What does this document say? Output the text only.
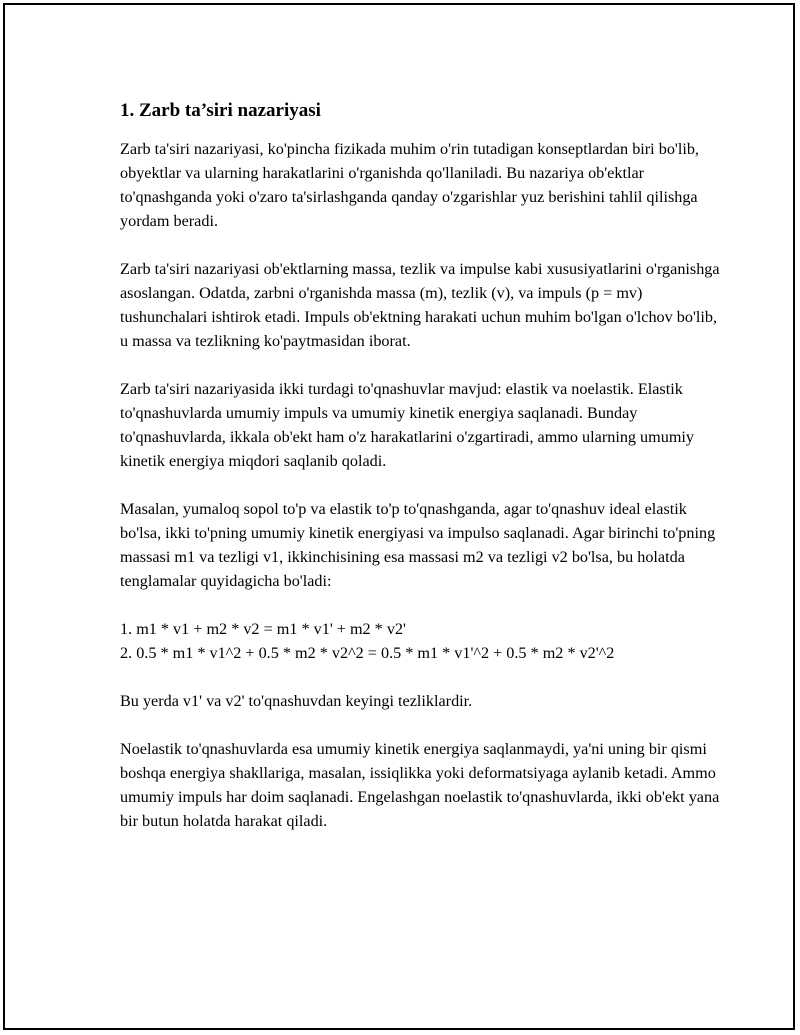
1. Zarb ta’siri nazariyasi

Zarb ta'siri nazariyasi, ko'pincha fizikada muhim o'rin tutadigan konseptlardan biri bo'lib, obyektlar va ularning harakatlarini o'rganishda qo'llaniladi. Bu nazariya ob'ektlar to'qnashganda yoki o'zaro ta'sirlashganda qanday o'zgarishlar yuz berishini tahlil qilishga yordam beradi.

Zarb ta'siri nazariyasi ob'ektlarning massa, tezlik va impulse kabi xususiyatlarini o'rganishga asoslangan. Odatda, zarbni o'rganishda massa (m), tezlik (v), va impuls (p = mv) tushunchalari ishtirok etadi. Impuls ob'ektning harakati uchun muhim bo'lgan o'lchov bo'lib, u massa va tezlikning ko'paytmasidan iborat.

Zarb ta'siri nazariyasida ikki turdagi to'qnashuvlar mavjud: elastik va noelastik. Elastik to'qnashuvlarda umumiy impuls va umumiy kinetik energiya saqlanadi. Bunday to'qnashuvlarda, ikkala ob'ekt ham o'z harakatlarini o'zgartiradi, ammo ularning umumiy kinetik energiya miqdori saqlanib qoladi.

Masalan, yumaloq sopol to'p va elastik to'p to'qnashganda, agar to'qnashuv ideal elastik bo'lsa, ikki to'pning umumiy kinetik energiyasi va impulso saqlanadi. Agar birinchi to'pning massasi m1 va tezligi v1, ikkinchisining esa massasi m2 va tezligi v2 bo'lsa, bu holatda tenglamalar quyidagicha bo'ladi:

1. m1 * v1 + m2 * v2 = m1 * v1' + m2 * v2'
2. 0.5 * m1 * v1^2 + 0.5 * m2 * v2^2 = 0.5 * m1 * v1'^2 + 0.5 * m2 * v2'^2

Bu yerda v1' va v2' to'qnashuvdan keyingi tezliklardir.

Noelastik to'qnashuvlarda esa umumiy kinetik energiya saqlanmaydi, ya'ni uning bir qismi boshqa energiya shakllariga, masalan, issiqlikka yoki deformatsiyaga aylanib ketadi. Ammo umumiy impuls har doim saqlanadi. Engelashgan noelastik to'qnashuvlarda, ikki ob'ekt yana bir butun holatda harakat qiladi.
